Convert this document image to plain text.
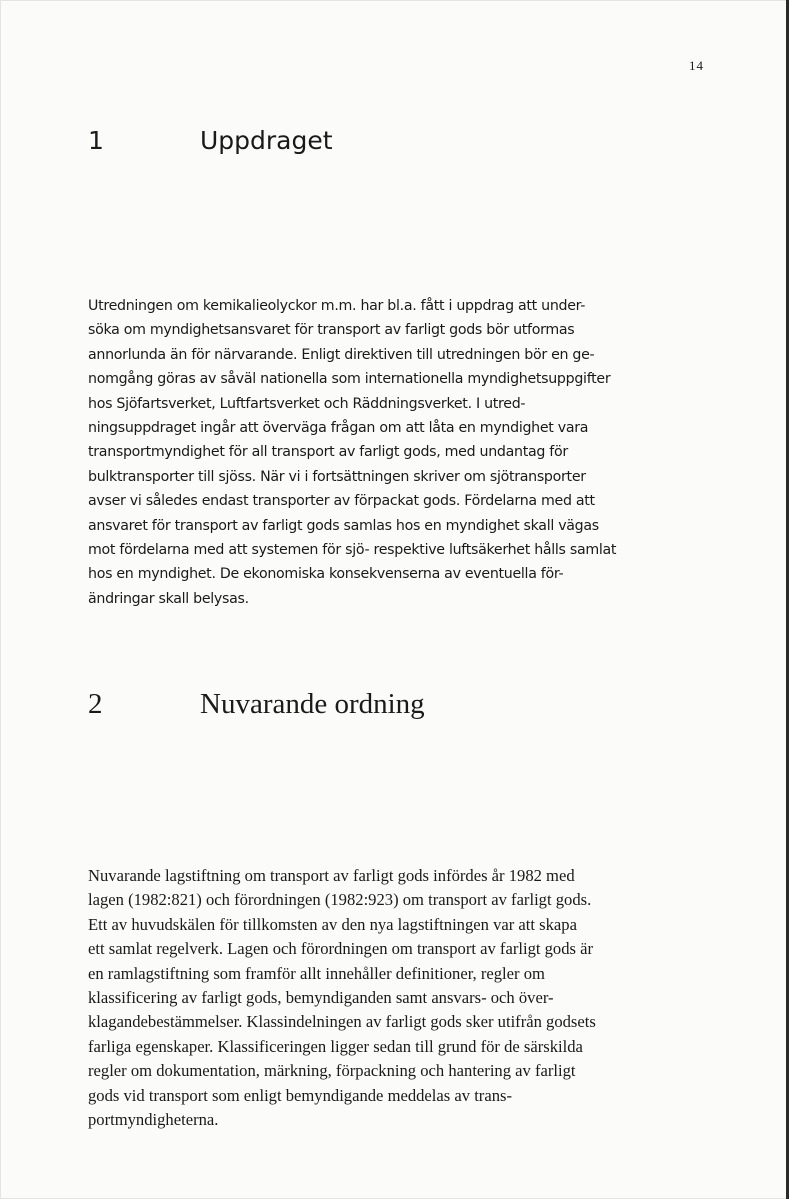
14
1	Uppdraget

Utredningen om kemikalieolyckor m.m. har bl.a. fått i uppdrag att under-
söka om myndighetsansvaret för transport av farligt gods bör utformas
annorlunda än för närvarande. Enligt direktiven till utredningen bör en ge-
nomgång göras av såväl nationella som internationella myndighetsuppgifter
hos Sjöfartsverket, Luftfartsverket och Räddningsverket. I utred-
ningsuppdraget ingår att överväga frågan om att låta en myndighet vara
transportmyndighet för all transport av farligt gods, med undantag för
bulktransporter till sjöss. När vi i fortsättningen skriver om sjötransporter
avser vi således endast transporter av förpackat gods. Fördelarna med att
ansvaret för transport av farligt gods samlas hos en myndighet skall vägas
mot fördelarna med att systemen för sjö- respektive luftsäkerhet hålls samlat
hos en myndighet. De ekonomiska konsekvenserna av eventuella för-
ändringar skall belysas.

2	Nuvarande ordning

Nuvarande lagstiftning om transport av farligt gods infördes år 1982 med
lagen (1982:821) och förordningen (1982:923) om transport av farligt gods.
Ett av huvudskälen för tillkomsten av den nya lagstiftningen var att skapa
ett samlat regelverk. Lagen och förordningen om transport av farligt gods är
en ramlagstiftning som framför allt innehåller definitioner, regler om
klassificering av farligt gods, bemyndiganden samt ansvars- och över-
klagandebestämmelser. Klassindelningen av farligt gods sker utifrån godsets
farliga egenskaper. Klassificeringen ligger sedan till grund för de särskilda
regler om dokumentation, märkning, förpackning och hantering av farligt
gods vid transport som enligt bemyndigande meddelas av trans-
portmyndigheterna.
